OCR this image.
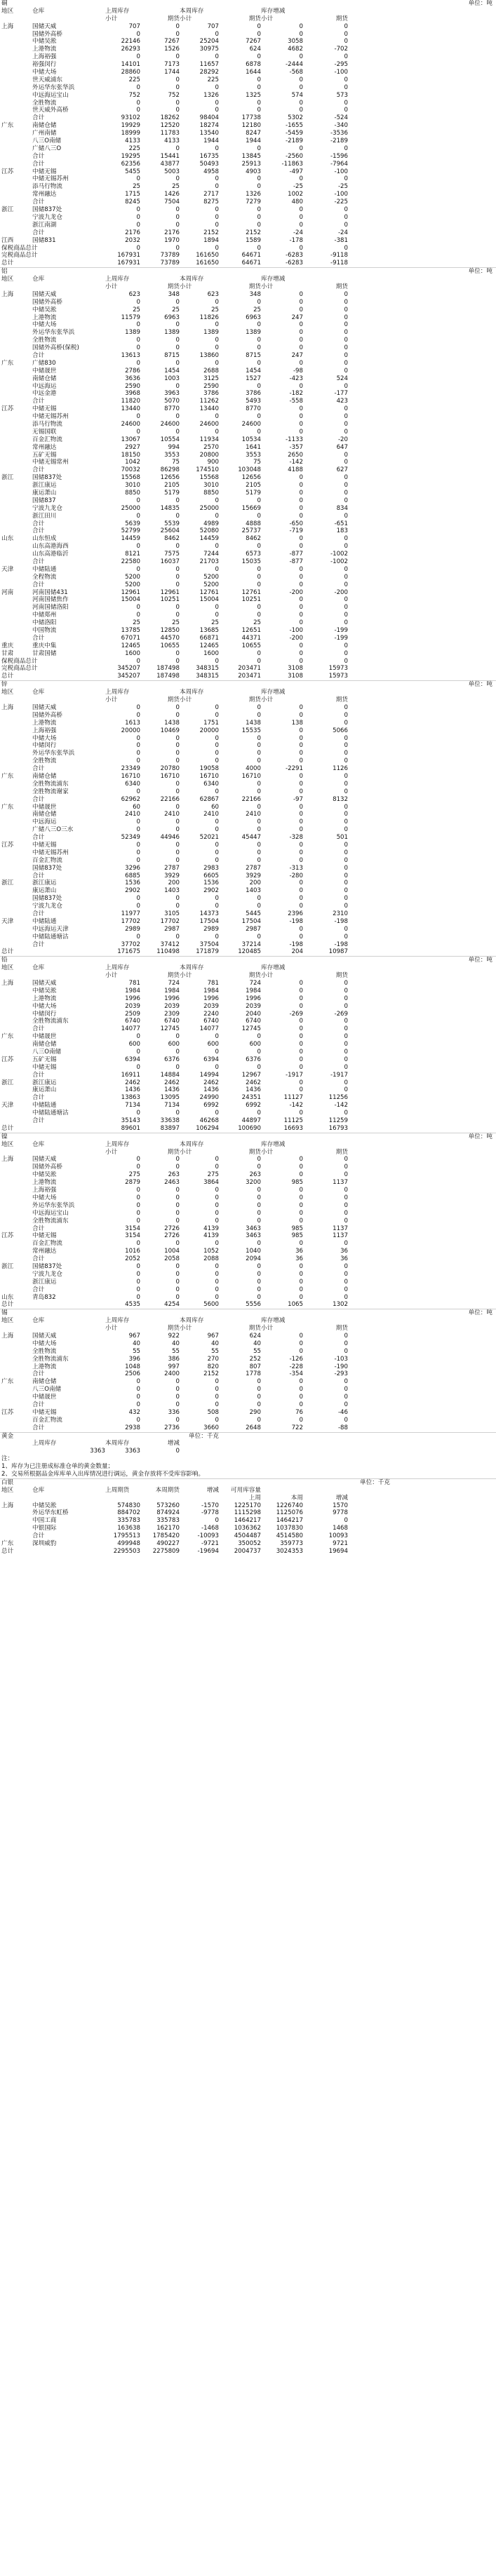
硐	单位：吨
地区	仓库	上周库存	本周库存	库存增减
小计	期货 小计	期货 小计	期货
上海	国储天威	707	0	707	0	0	0
国储外高桥	0	0	0	0	0	0
中储吴淞	22146	7267	25204	7267	3058	0
上港物流	26293	1526	30975	624	4682	-702
上海裕强	0	0	0	0	0	0
裕强闵行	14101	7173	11657	6878	-2444	-295
中储大场	28860	1744	28292	1644	-568	-100
世天威浦东	225	0	225	0	0	0
外运华东张华浜	0	0	0	0	0	0
中远海运宝山	752	752	1326	1325	574	573
全胜物流	0	0	0	0	0	0
世天威外高桥	0	0	0	0	0	0
合计	93102	18262	98404	17738	5302	-524
广东	南储仓储	19929	12520	18274	12180	-1655	-340
广州南储	18999	11783	13540	8247	-5459	-3536
八三O南储	4133	4133	1944	1944	-2189	-2189
广储八三O	225	0	0	0	0	0
合计	19295	15441	16735	13845	-2560	-1596
合计	62356	43877	50493	25913	-11863	-7964
江苏	中储无锡	5455	5003	4958	4903	-497	-100
中储无锡苏州	0	0	0	0	0	0
添马行物流	25	25	0	0	-25	-25
常州融达	1715	1426	2717	1326	1002	-100
合计	8245	7504	8275	7279	480	-225
浙江	国储837处	0	0	0	0	0	0
宁波九龙仓	0	0	0	0	0	0
浙江南湖	0	0	0	0	0	0
合计	2176	2176	2152	2152	-24	-24
江西	国储831	2032	1970	1894	1589	-178	-381
保税商品总计	0	0	0	0	0	0
完税商品总计	167931	73789	161650	64671	-6283	-9118
总计	167931	73789	161650	64671	-6283	-9118
铝	单位：吨
地区	仓库	上周库存	本周库存	库存增减
小计	期货 小计	期货 小计	期货
上海	国储天威	623	348	623	348	0	0
国储外高桥	0	0	0	0	0	0
中储吴淞	25	25	25	25	0	0
上港物流	11579	6963	11826	6963	247	0
中储大场	0	0	0	0	0	0
外运华东张华浜	1389	1389	1389	1389	0	0
全胜物流	0	0	0	0	0	0
国储外高桥(保税)	0	0	0	0	0	0
合计	13613	8715	13860	8715	247	0
广东	广储830	0	0	0	0	0	0
中储晟世	2786	1454	2688	1454	-98	0
南储仓储	3636	1003	3125	1527	-423	524
中远海运	2590	0	2590	0	0	0
中远金港	3968	3963	3786	3786	-182	-177
合计	11820	5070	11262	5493	-558	423
江苏	中储无锡	13440	8770	13440	8770	0	0
中储无锡苏州	0	0	0	0	0	0
添马行物流	24600	24600	24600	24600	0	0
无锡国联	0	0	0	0	0	0
百金汇物流	13067	10554	11934	10534	-1133	-20
常州融达	2927	994	2570	1641	-357	647
五矿无锡	18150	3553	20800	3553	2650	0
中储无锡常州	1042	75	900	75	-142	0
合计	70032	86298	174510	103048	4188	627
浙江	国储837处	15568	12656	15568	12656	0	0
浙江康运	3010	2105	3010	2105	0	0
康运萧山	8850	5179	8850	5179	0	0
国储837	0	0	0	0	0	0
宁波九龙仓	25000	14835	25000	15669	0	834
浙江田川	0	0	0	0	0	0
合计	5639	5539	4989	4888	-650	-651
合计	52799	25604	52080	25737	-719	183
山东	山东恒成	14459	8462	14459	8462	0	0
山东高港海西	0	0	0	0	0	0
山东高港临沂	8121	7575	7244	6573	-877	-1002
合计	22580	16037	21703	15035	-877	-1002
天津	中储陆通	0	0	0	0	0	0
全程物流	5200	0	5200	0	0	0
合计	5200	0	5200	0	0	0
河南	河南国储431	12961	12961	12761	12761	-200	-200
河南国储焦作	15004	10251	15004	10251	0	0
河南国储洛阳	0	0	0	0	0	0
中储郑州	0	0	0	0	0	0
中储洛阳	25	25	25	25	0	0
中国物流	13785	12850	13685	12651	-100	-199
合计	67071	44570	66871	44371	-200	-199
重庆	重庆中集	12465	10655	12465	10655	0	0
甘肃	甘肃国储	1600	0	1600	0	0	0
保税商品总计	0	0	0	0	0	0
完税商品总计	345207	187498	348315	203471	3108	15973
总计	345207	187498	348315	203471	3108	15973
锌	单位：吨
地区	仓库	上周库存	本周库存	库存增减
小计	期货 小计	期货 小计	期货
上海	国储天威	0	0	0	0	0	0
国储外高桥	0	0	0	0	0	0
上港物流	1613	1438	1751	1438	138	0
上海裕强	20000	10469	20000	15535	0	5066
中储大场	0	0	0	0	0	0
中储闵行	0	0	0	0	0	0
外运华东张华浜	0	0	0	0	0	0
全胜物流	0	0	0	0	0	0
合计	23349	20780	19058	4000	-2291	1126
广东	南储仓储	16710	16710	16710	16710	0	0
全胜物流浦东	6340	0	6340	0	0	0
全胜物流谢家	0	0	0	0	0	0
合计	62962	22166	62867	22166	-97	8132
广东	中储晟世	60	0	60	0	0	0
南储仓储	2410	2410	2410	2410	0	0
中远海运	0	0	0	0	0	0
广储八三O三水	0	0	0	0	0	0
合计	52349	44946	52021	45447	-328	501
江苏	中储无锡	0	0	0	0	0	0
中储无锡苏州	0	0	0	0	0	0
百金汇物流	0	0	0	0	0	0
国储837处	3296	2787	2983	2787	-313	0
合计	6885	3929	6605	3929	-280	0
浙江	浙江康运	1536	200	1536	200	0	0
康运萧山	2902	1403	2902	1403	0	0
国储837处	0	0	0	0	0	0
宁波九龙仓	0	0	0	0	0	0
合计	11977	3105	14373	5445	2396	2310
天津	中储陆通	17702	17702	17504	17504	-198	-198
中远海运天津	2989	2987	2989	2987	0	0
中储陆通塘沽	0	0	0	0	0	0
合计	37702	37412	37504	37214	-198	-198
总计	171675	110498	171879	120485	204	10987
铅	单位：吨
地区	仓库	上周库存	本周库存	库存增减
小计	期货 小计	期货 小计	期货
上海	国储天威	781	724	781	724	0	0
中储吴淞	1984	1984	1984	1984	0	0
上港物流	1996	1996	1996	1996	0	0
中储大场	2039	2039	2039	2039	0	0
中储闵行	2509	2309	2240	2040	-269	-269
全胜物流浦东	6740	6740	6740	6740	0	0
合计	14077	12745	14077	12745	0	0
广东	中储晟世	0	0	0	0	0	0
南储仓储	600	600	600	600	0	0
八三O南储	0	0	0	0	0	0
江苏	五矿无锡	6394	6376	6394	6376	0	0
中储无锡	0	0	0	0	0	0
合计	16911	14884	14994	12967	-1917	-1917
浙江	浙江康运	2462	2462	2462	2462	0	0
康运萧山	1436	1436	1436	1436	0	0
合计	13863	13095	24990	24351	11127	11256
天津	中储陆通	7134	7134	6992	6992	-142	-142
中储陆通塘沽	0	0	0	0	0	0
合计	35143	33638	46268	44897	11125	11259
总计	89601	83897	106294	100690	16693	16793
镍	单位：吨
地区	仓库	上周库存	本周库存	库存增减
小计	期货 小计	期货 小计	期货
上海	国储天威	0	0	0	0	0	0
国储外高桥	0	0	0	0	0	0
中储吴淞	275	263	275	263	0	0
上港物流	2879	2463	3864	3200	985	1137
上海裕强	0	0	0	0	0	0
中储大场	0	0	0	0	0	0
外运华东张华浜	0	0	0	0	0	0
中远海运宝山	0	0	0	0	0	0
全胜物流浦东	0	0	0	0	0	0
合计	3154	2726	4139	3463	985	1137
江苏	中储无锡	3154	2726	4139	3463	985	1137
百金汇物流	0	0	0	0	0	0
常州融达	1016	1004	1052	1040	36	36
合计	2052	2058	2088	2094	36	36
浙江	国储837处	0	0	0	0	0	0
宁波九龙仓	0	0	0	0	0	0
浙江康运	0	0	0	0	0	0
合计	0	0	0	0	0	0
山东	青岛832	0	0	0	0	0	0
总计	4535	4254	5600	5556	1065	1302
锡	单位：吨
地区	仓库	上周库存	本周库存	库存增减
小计	期货 小计	期货 小计	期货
上海	国储天威	967	922	967	624	0	0
中储大场	40	40	40	40	0	0
全胜物流	55	55	55	55	0	0
全胜物流浦东	396	386	270	252	-126	-103
上港物流	1048	997	820	807	-228	-190
合计	2506	2400	2152	1778	-354	-293
广东	南储仓储	0	0	0	0	0	0
八三O南储	0	0	0	0	0	0
中储晟世	0	0	0	0	0	0
合计	0	0	0	0	0	0
江苏	中储无锡	432	336	508	290	76	-46
百金汇物流	0	0	0	0	0	0
合计	2938	2736	3660	2648	722	-88
黄金	单位：千克
上周库存	本周库存	增减
3363	3363	0
注：
1、库存为已注册成标准仓单的黄金数量；
2、交易所根据品金库库单入出库情况进行调运，黄金存放将不受库容影响。
白银	单位：千克
地区	仓库	上周期货	本周期货	增减	可用库容量
上周	本周	增减
上海	中储吴淞	574830	573260	-1570	1225170	1226740	1570
外运华东虹桥	884702	874924	-9778	1115298	1125076	9778
中国工商	335783	335783	0	1464217	1464217	0
中银国际	163638	162170	-1468	1036362	1037830	1468
合计	1795513	1785420	-10093	4504487	4514580	10093
广东	深圳威豹	499948	490227	-9721	350052	359773	9721
总计	2295503	2275809	-19694	2004737	3024353	19694
